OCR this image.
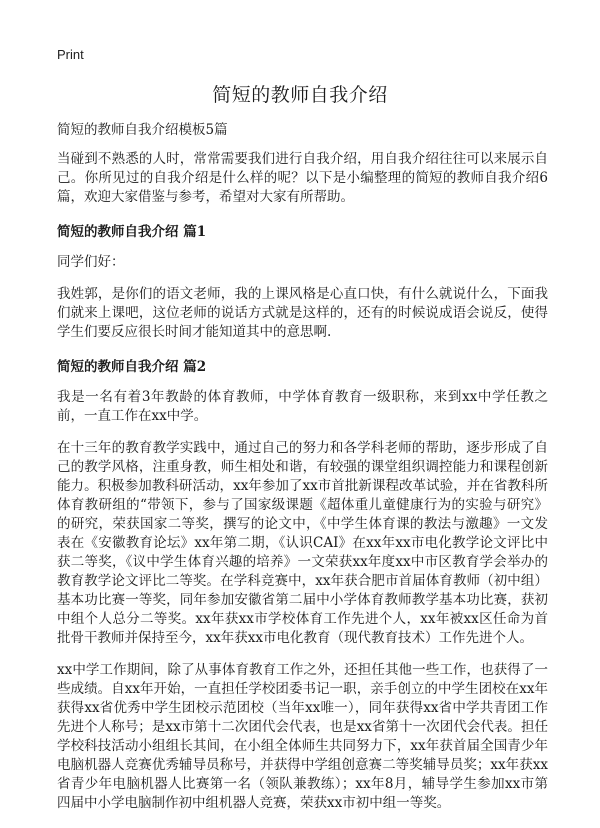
Print
简短的教师自我介绍

简短的教师自我介绍模板5篇

当碰到不熟悉的人时，常常需要我们进行自我介绍，用自我介绍往往可以来展示自己。你所见过的自我介绍是什么样的呢？以下是小编整理的简短的教师自我介绍6篇，欢迎大家借鉴与参考，希望对大家有所帮助。

简短的教师自我介绍 篇1

同学们好：

我姓郭，是你们的语文老师，我的上课风格是心直口快，有什么就说什么，下面我们就来上课吧，这位老师的说话方式就是这样的，还有的时候说成语会说反，使得学生们要反应很长时间才能知道其中的意思啊.

简短的教师自我介绍 篇2

我是一名有着3年教龄的体育教师，中学体育教育一级职称，来到xx中学任教之前，一直工作在xx中学。

在十三年的教育教学实践中，通过自己的努力和各学科老师的帮助，逐步形成了自己的教学风格，注重身教，师生相处和谐，有较强的课堂组织调控能力和课程创新能力。积极参加教科研活动，xx年参加了xx市首批新课程改革试验，并在省教科所体育教研组的“带领下，参与了国家级课题《超体重儿童健康行为的实验与研究》的研究，荣获国家二等奖，撰写的论文中，《中学生体育课的教法与激趣》一文发表在《安徽教育论坛》xx年第二期，《认识CAI》在xx年xx市电化教学论文评比中获二等奖，《议中学生体育兴趣的培养》一文荣获xx年度xx中市区教育学会举办的教育教学论文评比二等奖。在学科竞赛中，xx年获合肥市首届体育教师（初中组）基本功比赛一等奖，同年参加安徽省第二届中小学体育教师教学基本功比赛，获初中组个人总分二等奖。xx年获xx市学校体育工作先进个人，xx年被xx区任命为首批骨干教师并保持至今，xx年获xx市电化教育（现代教育技术）工作先进个人。

xx中学工作期间，除了从事体育教育工作之外，还担任其他一些工作，也获得了一些成绩。自xx年开始，一直担任学校团委书记一职，亲手创立的中学生团校在xx年获得xx省优秀中学生团校示范团校（当年xx唯一），同年获得xx省中学共青团工作先进个人称号；是xx市第十二次团代会代表，也是xx省第十一次团代会代表。担任学校科技活动小组组长其间，在小组全体师生共同努力下，xx年获首届全国青少年电脑机器人竞赛优秀辅导员称号，并获得中学组创意赛二等奖辅导员奖；xx年获xx省青少年电脑机器人比赛第一名（领队兼教练）；xx年8月，辅导学生参加xx市第四届中小学电脑制作初中组机器人竞赛，荣获xx市初中组一等奖。
